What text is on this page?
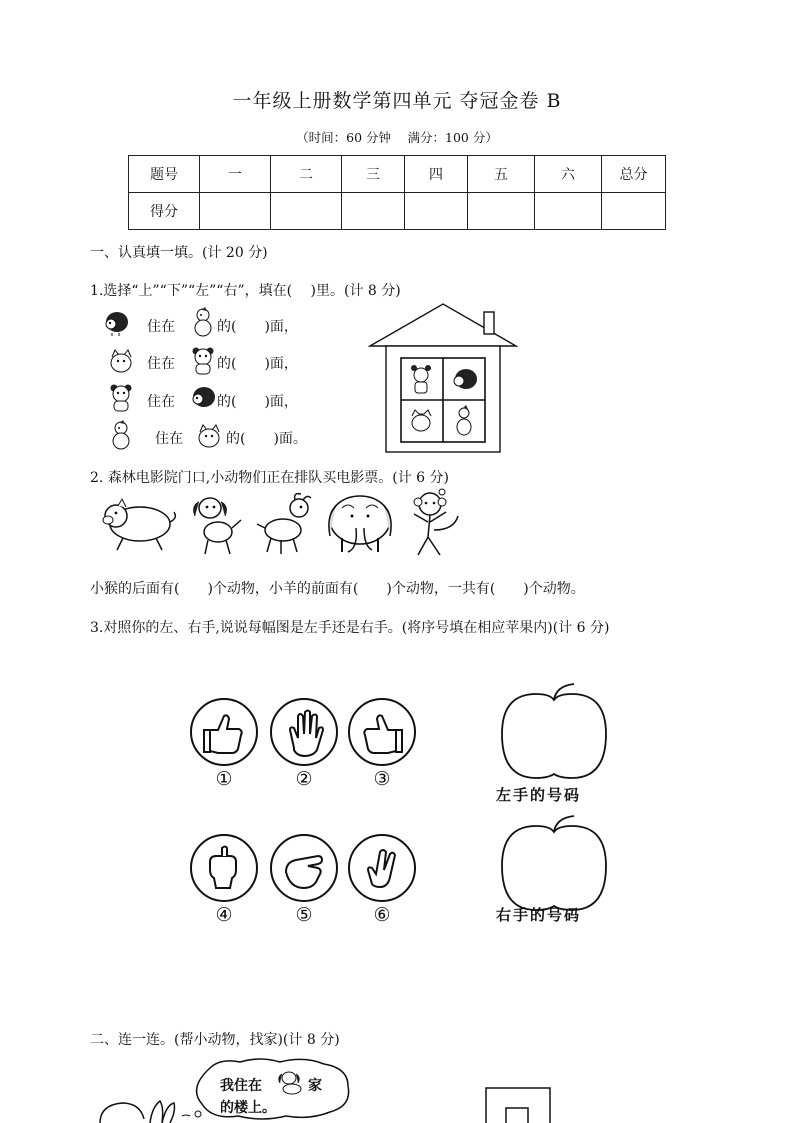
一年级上册数学第四单元 夺冠金卷 B
（时间：60 分钟　 满分：100 分）
题号	一	二	三	四	五	六	总分
得分							
一、认真填一填。(计 20 分)
1.选择“上”“下”“左”“右”，填在(　 )里。(计 8 分)
住在	的(　　)面，
住在	的(　　)面，
住在	的(　　)面，
住在	的(　　)面。
2. 森林电影院门口,小动物们正在排队买电影票。(计 6 分)
小猴的后面有(　　)个动物，小羊的前面有(　　)个动物，一共有(　　)个动物。
3.对照你的左、右手,说说每幅图是左手还是右手。(将序号填在相应苹果内)(计 6 分)
①	②	③
④	⑤	⑥
左手的号码
右手的号码
二、连一连。(帮小动物，找家)(计 8 分)
我住在	家
的楼上。
